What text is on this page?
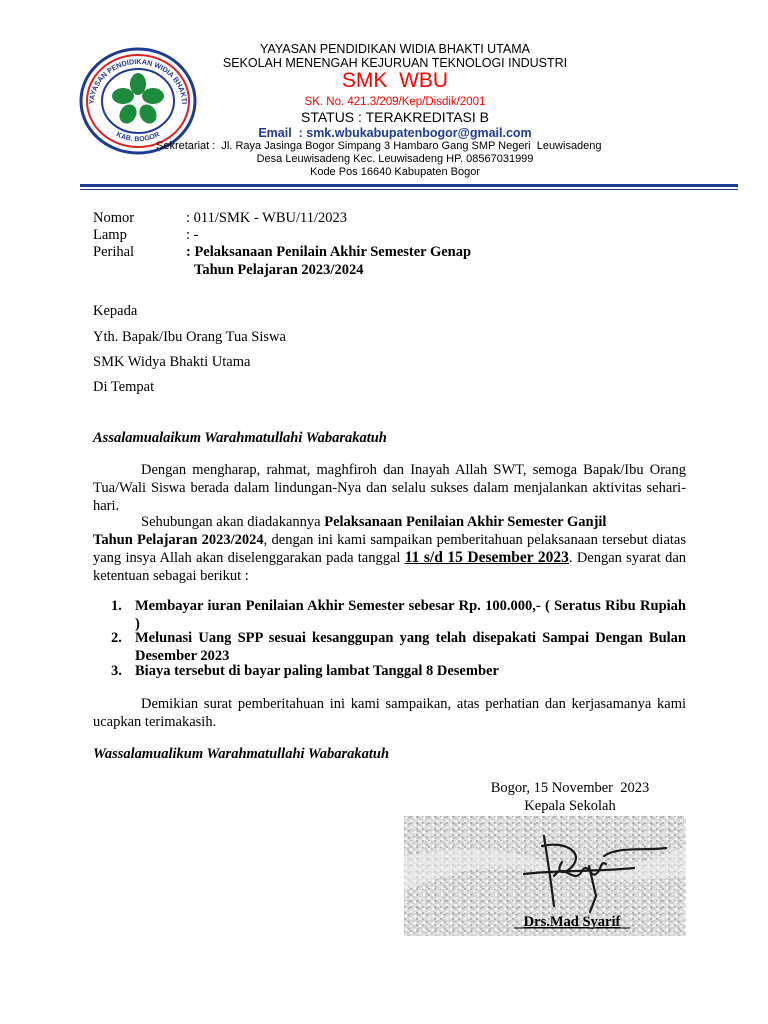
YAYASAN PENDIDIKAN WIDIA BHAKTI
KAB. BOGOR
YAYASAN PENDIDIKAN WIDIA BHAKTI UTAMA
SEKOLAH MENENGAH KEJURUAN TEKNOLOGI INDUSTRI
SMK  WBU
SK. No. 421.3/209/Kep/Disdik/2001
STATUS : TERAKREDITASI B
Email  : smk.wbukabupatenbogor@gmail.com
Sekretariat :  Jl. Raya Jasinga Bogor Simpang 3 Hambaro Gang SMP Negeri  Leuwisadeng
Desa Leuwisadeng Kec. Leuwisadeng HP. 08567031999
Kode Pos 16640 Kabupaten Bogor
Nomor	: 011/SMK - WBU/11/2023
Lamp	: -
Perihal	: Pelaksanaan Penilain Akhir Semester Genap
Tahun Pelajaran 2023/2024
Kepada
Yth. Bapak/Ibu Orang Tua Siswa
SMK Widya Bhakti Utama
Di Tempat
Assalamualaikum Warahmatullahi Wabarakatuh
Dengan mengharap, rahmat, maghfiroh dan Inayah Allah SWT, semoga Bapak/Ibu Orang Tua/Wali Siswa berada dalam lindungan-Nya dan selalu sukses dalam menjalankan aktivitas sehari-hari.
Sehubungan akan diadakannya Pelaksanaan Penilaian Akhir Semester Ganjil
Tahun Pelajaran 2023/2024, dengan ini kami sampaikan pemberitahuan pelaksanaan tersebut diatas yang insya Allah akan diselenggarakan pada tanggal 11 s/d 15 Desember 2023. Dengan syarat dan ketentuan sebagai berikut :
1. Membayar iuran Penilaian Akhir Semester sebesar Rp. 100.000,- ( Seratus Ribu Rupiah )
2. Melunasi Uang SPP sesuai kesanggupan yang telah disepakati Sampai Dengan Bulan Desember 2023
3. Biaya tersebut di bayar paling lambat Tanggal 8 Desember
Demikian surat pemberitahuan ini kami sampaikan, atas perhatian dan kerjasamanya kami ucapkan terimakasih.
Wassalamualikum Warahmatullahi Wabarakatuh
Bogor, 15 November  2023
Kepala Sekolah
Drs.Mad Syarif
